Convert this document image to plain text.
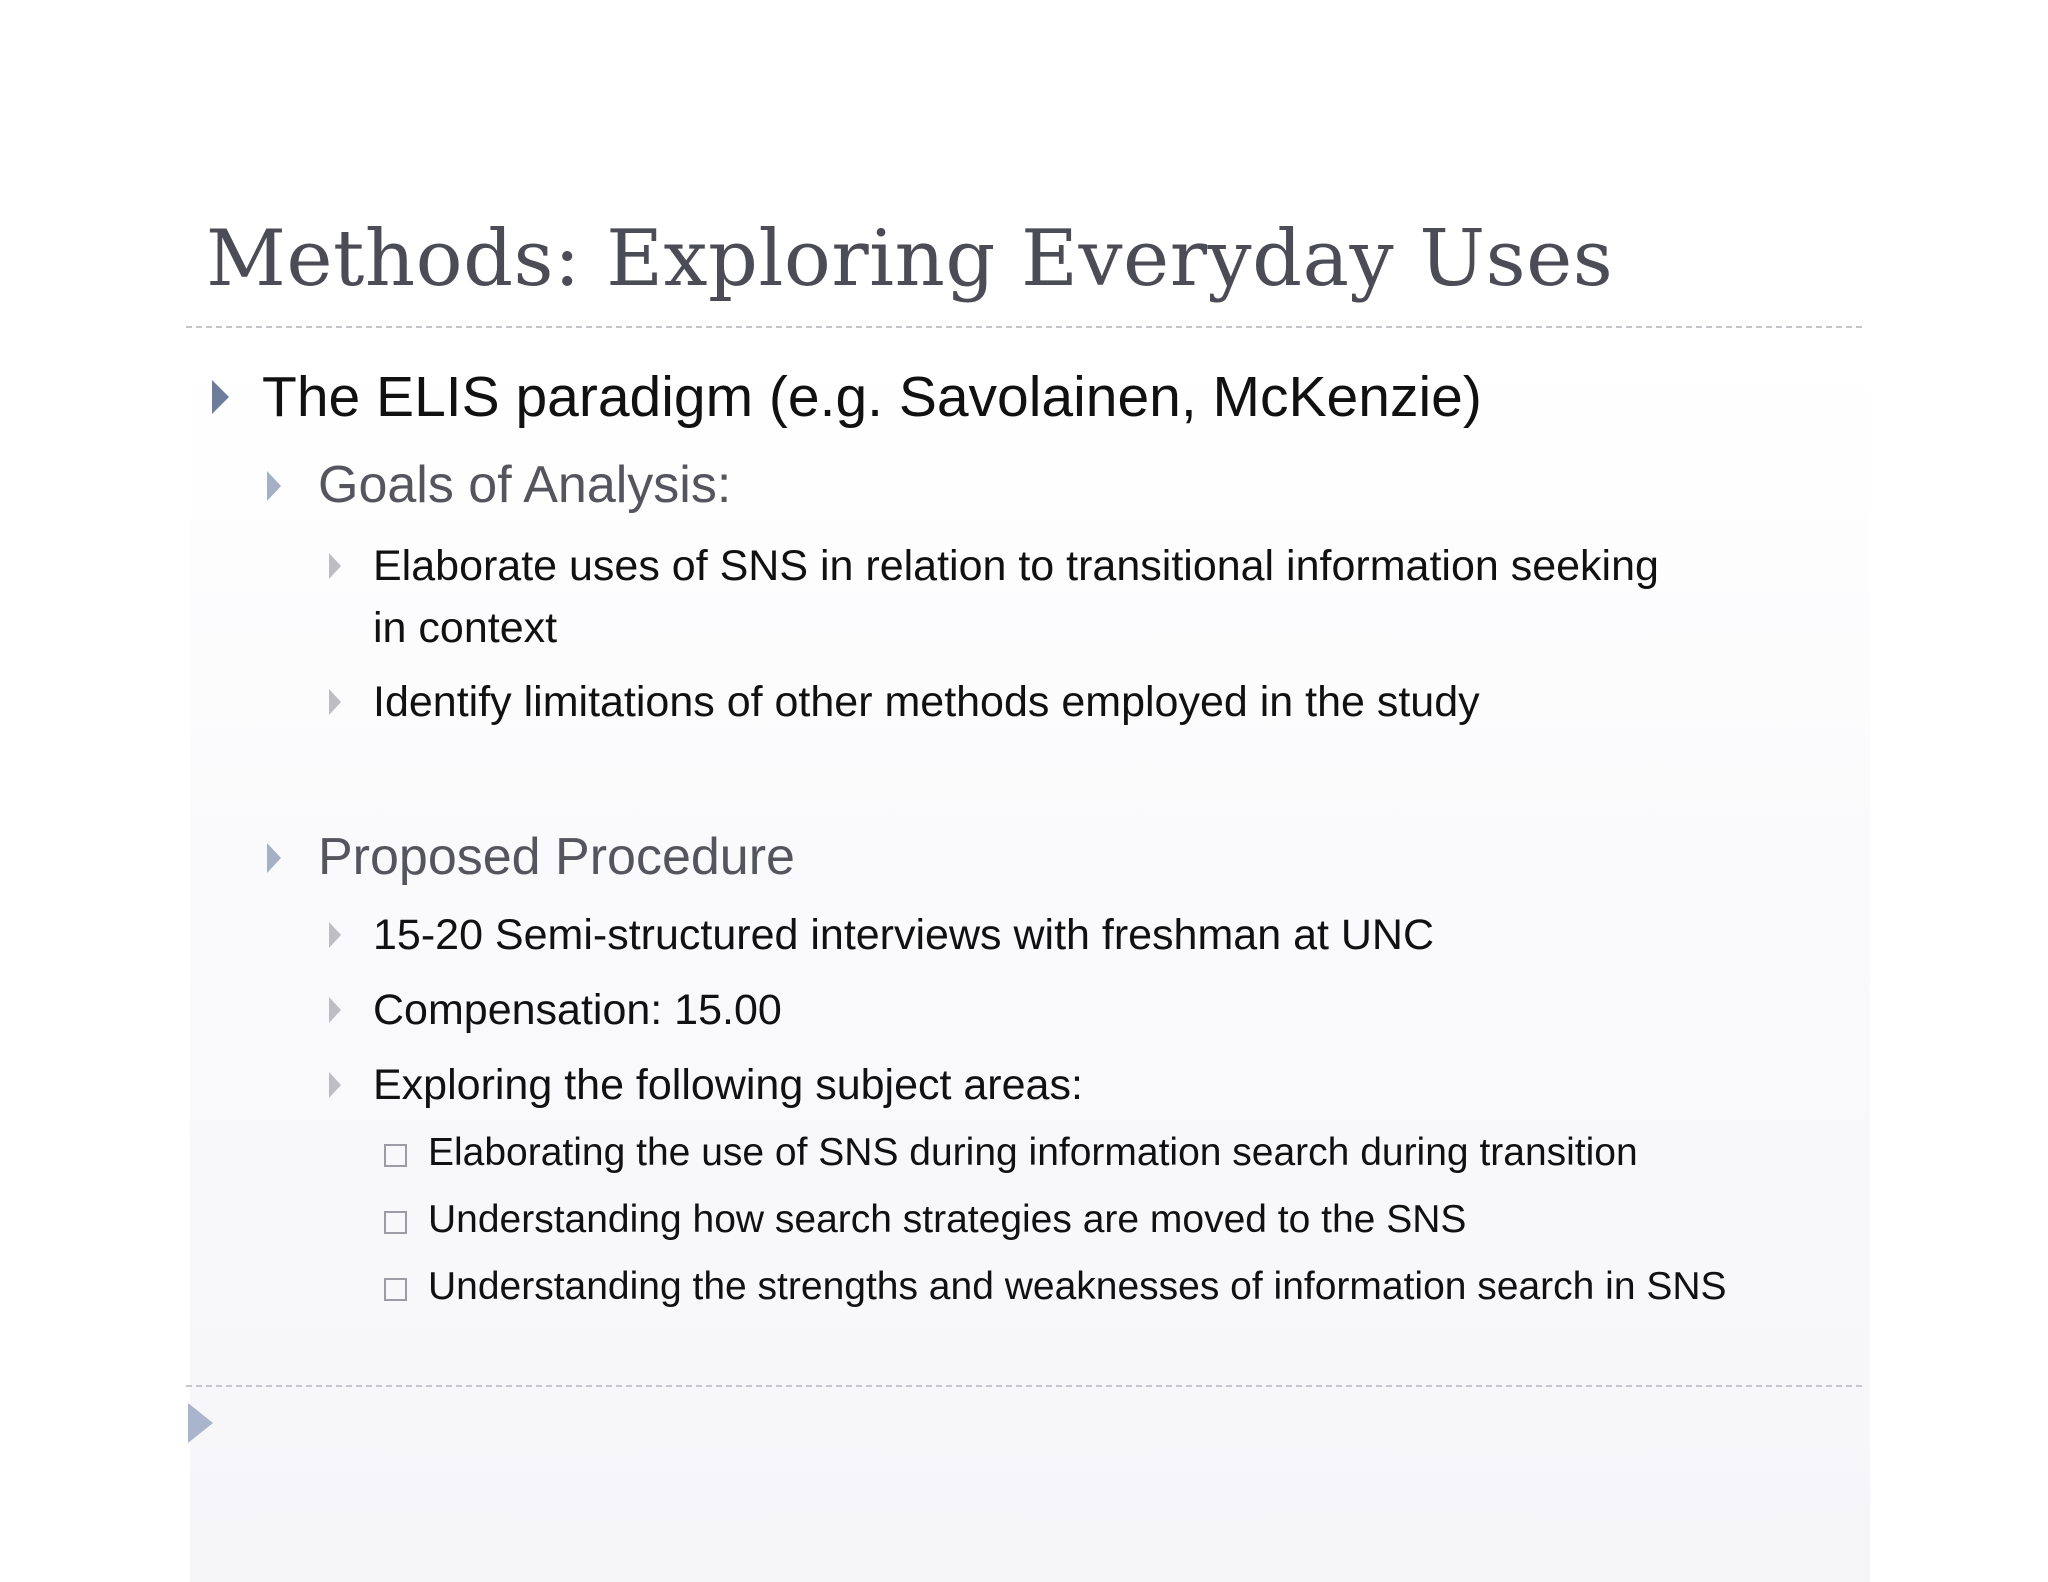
Methods: Exploring Everyday Uses
The ELIS paradigm (e.g. Savolainen, McKenzie)
Goals of Analysis:
Elaborate uses of SNS in relation to transitional information seeking
in context
Identify limitations of other methods employed in the study
Proposed Procedure
15-20 Semi-structured interviews with freshman at UNC
Compensation: 15.00
Exploring the following subject areas:
Elaborating the use of SNS during information search during transition
Understanding how search strategies are moved to the SNS
Understanding the strengths and weaknesses of information search in SNS
